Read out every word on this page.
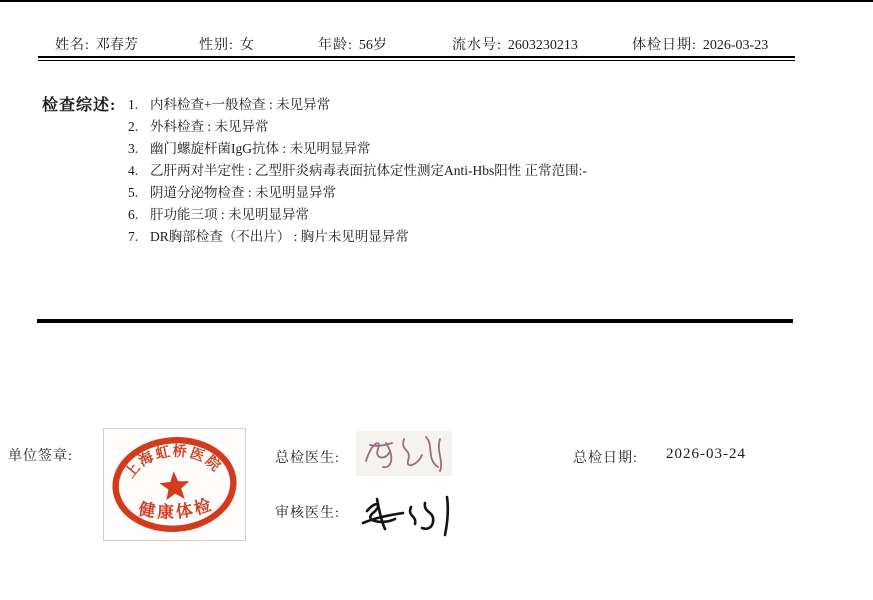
姓名: 邓春芳	性别: 女	年龄: 56岁	流水号: 2603230213	体检日期: 2026-03-23
检查综述: 1. 内科检查+一般检查 : 未见异常
2. 外科检查 : 未见异常
3. 幽门螺旋杆菌IgG抗体 : 未见明显异常
4. 乙肝两对半定性 : 乙型肝炎病毒表面抗体定性测定Anti-Hbs阳性 正常范围:-
5. 阴道分泌物检查 : 未见明显异常
6. 肝功能三项 : 未见明显异常
7. DR胸部检查（不出片） : 胸片未见明显异常
单位签章:
上海虹桥医院
健康体检
总检医生:
审核医生:
总检日期: 2026-03-24
